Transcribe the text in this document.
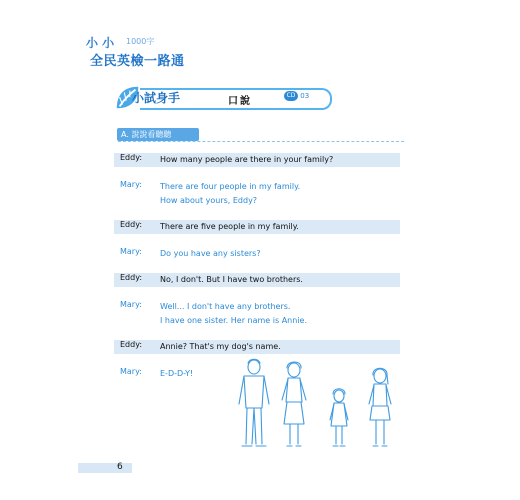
小 小 1000字
全民英檢一路通
小試身手	口說
CD 03
A. 說說看聽聽
Eddy:	How many people are there in your family?
Mary:	There are four people in my family.
How about yours, Eddy?
Eddy:	There are five people in my family.
Mary:	Do you have any sisters?
Eddy:	No, I don't. But I have two brothers.
Mary:	Well... I don't have any brothers.
I have one sister. Her name is Annie.
Eddy:	Annie? That's my dog's name.
Mary:	E-D-D-Y!
6
